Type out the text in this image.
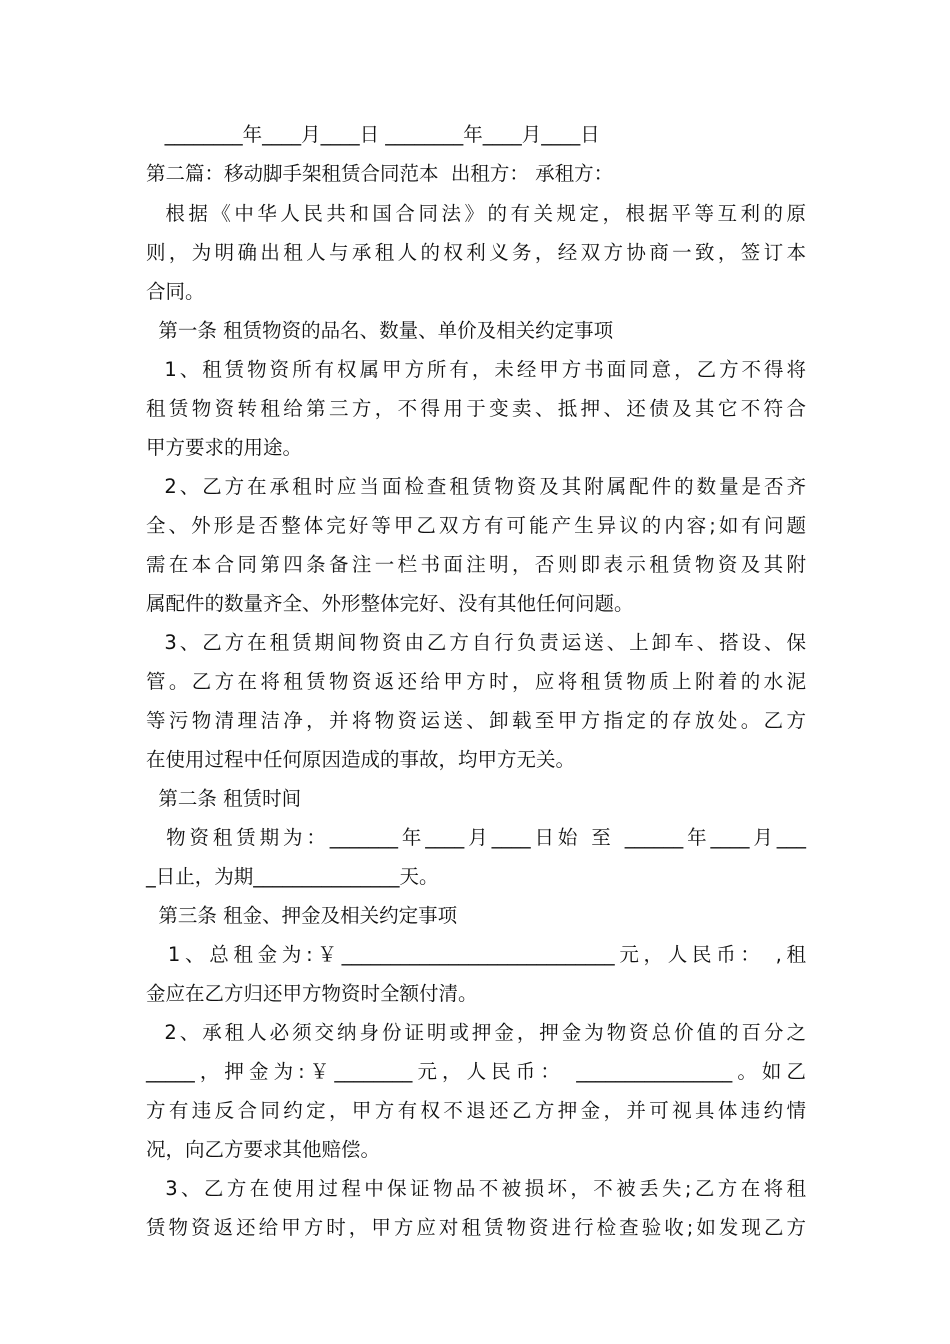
________年____月____日 ________年____月____日
第二篇：移动脚手架租赁合同范本  出租方： 承租方：
根据《中华人民共和国合同法》的有关规定，根据平等互利的原
则，为明确出租人与承租人的权利义务，经双方协商一致，签订本
合同。
第一条 租赁物资的品名、数量、单价及相关约定事项
1、租赁物资所有权属甲方所有，未经甲方书面同意，乙方不得将
租赁物资转租给第三方，不得用于变卖、抵押、还债及其它不符合
甲方要求的用途。
2、乙方在承租时应当面检查租赁物资及其附属配件的数量是否齐
全、外形是否整体完好等甲乙双方有可能产生异议的内容;如有问题
需在本合同第四条备注一栏书面注明，否则即表示租赁物资及其附
属配件的数量齐全、外形整体完好、没有其他任何问题。
3、乙方在租赁期间物资由乙方自行负责运送、上卸车、搭设、保
管。乙方在将租赁物资返还给甲方时，应将租赁物质上附着的水泥
等污物清理洁净，并将物资运送、卸载至甲方指定的存放处。乙方
在使用过程中任何原因造成的事故，均甲方无关。
第二条 租赁时间
物资租赁期为：_______年____月____日始 至 ______年____月___
_日止，为期_______________天。
第三条 租金、押金及相关约定事项
1、总租金为:￥____________________________元，人民币： ,租
金应在乙方归还甲方物资时全额付清。
2、承租人必须交纳身份证明或押金，押金为物资总价值的百分之
_____，押金为:￥________元，人民币： ________________。如乙
方有违反合同约定，甲方有权不退还乙方押金，并可视具体违约情
况，向乙方要求其他赔偿。
3、乙方在使用过程中保证物品不被损坏，不被丢失;乙方在将租
赁物资返还给甲方时，甲方应对租赁物资进行检查验收;如发现乙方
